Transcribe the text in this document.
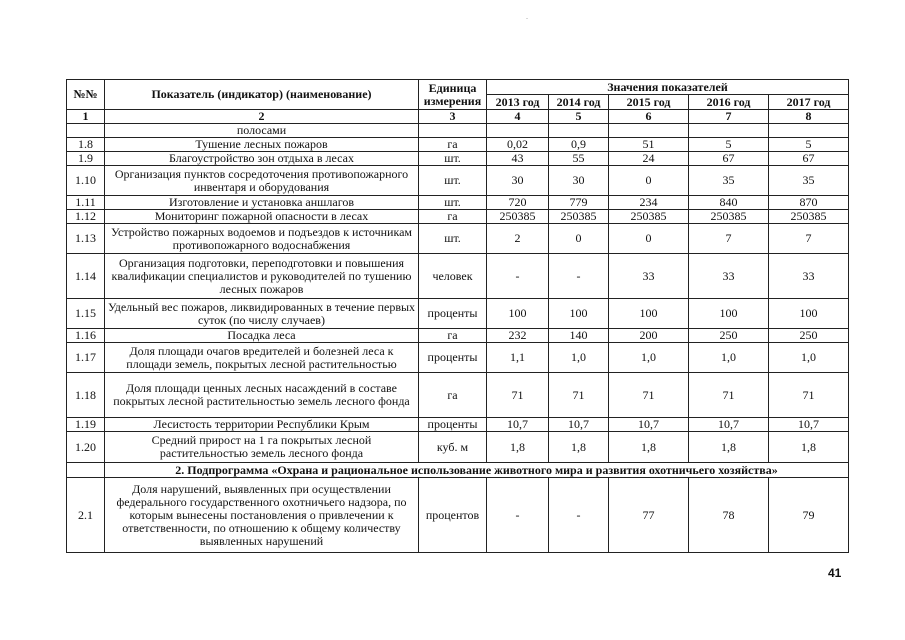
.
№№	Показатель (индикатор) (наименование)	Единица измерения	Значения показателей				
			2013 год	2014 год	2015 год	2016 год	2017 год
1	2	3	4	5	6	7	8
	полосами						
1.8	Тушение лесных пожаров	га	0,02	0,9	51	5	5
1.9	Благоустройство зон отдыха в лесах	шт.	43	55	24	67	67
1.10	Организация пунктов сосредоточения противопожарного инвентаря и оборудования	шт.	30	30	0	35	35
1.11	Изготовление и установка аншлагов	шт.	720	779	234	840	870
1.12	Мониторинг пожарной опасности в лесах	га	250385	250385	250385	250385	250385
1.13	Устройство пожарных водоемов и подъездов к источникам противопожарного водоснабжения	шт.	2	0	0	7	7
1.14	Организация подготовки, переподготовки и повышения квалификации специалистов и руководителей по тушению лесных пожаров	человек	-	-	33	33	33
1.15	Удельный вес пожаров, ликвидированных в течение первых суток (по числу случаев)	проценты	100	100	100	100	100
1.16	Посадка леса	га	232	140	200	250	250
1.17	Доля площади очагов вредителей и болезней леса к площади земель, покрытых лесной растительностью	проценты	1,1	1,0	1,0	1,0	1,0
1.18	Доля площади ценных лесных насаждений в составе покрытых лесной растительностью земель лесного фонда	га	71	71	71	71	71
1.19	Лесистость территории Республики Крым	проценты	10,7	10,7	10,7	10,7	10,7
1.20	Средний прирост на 1 га покрытых лесной растительностью земель лесного фонда	куб. м	1,8	1,8	1,8	1,8	1,8
	2. Подпрограмма «Охрана и рациональное использование животного мира и развития охотничьего хозяйства»						
2.1	Доля нарушений, выявленных при осуществлении федерального государственного охотничьего надзора, по которым вынесены постановления о привлечении к ответственности, по отношению к общему количеству выявленных нарушений	процентов	-	-	77	78	79
41
